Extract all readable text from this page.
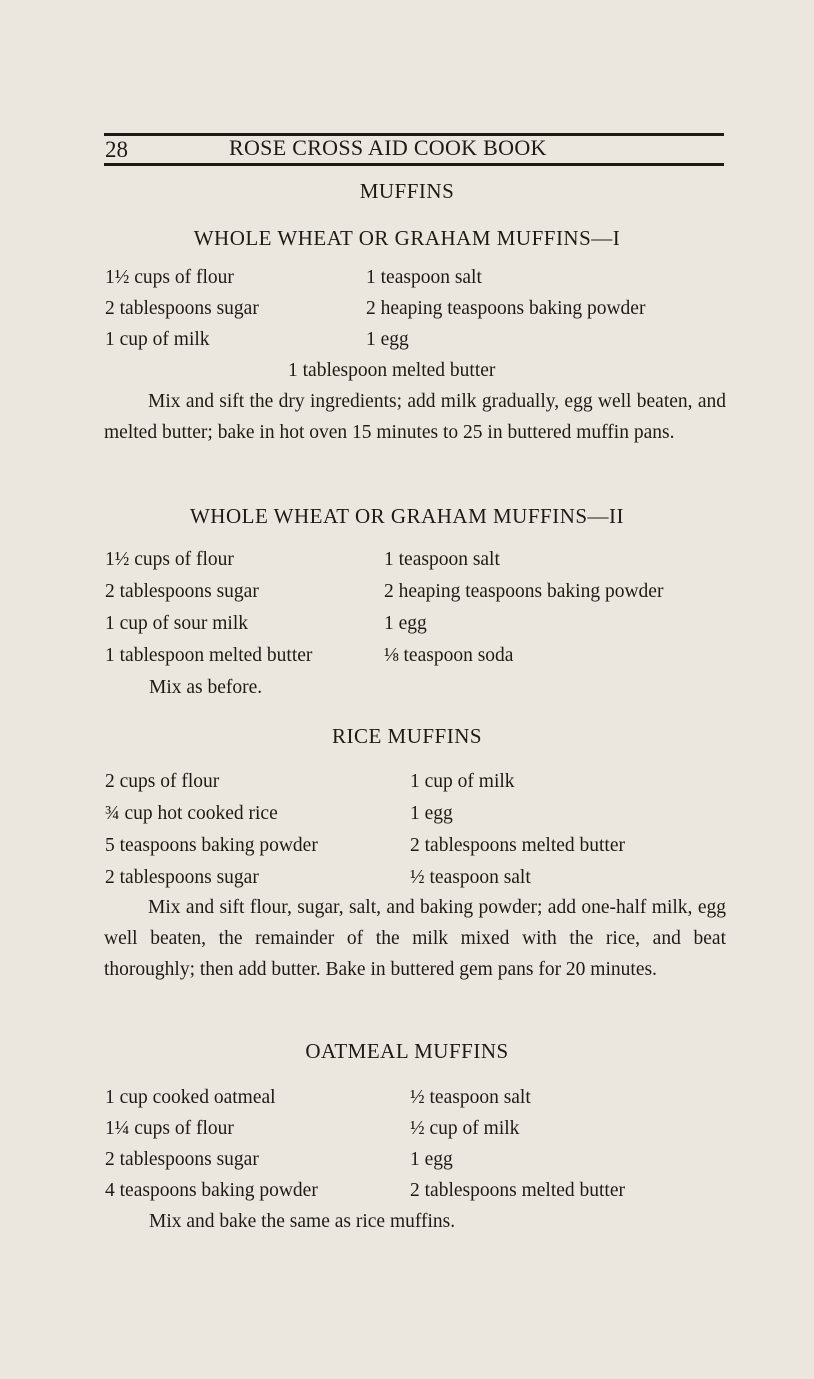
28	ROSE CROSS AID COOK BOOK
MUFFINS
WHOLE WHEAT OR GRAHAM MUFFINS—I
1½ cups of flour
2 tablespoons sugar
1 cup of milk
1 teaspoon salt
2 heaping teaspoons baking powder
1 egg
1 tablespoon melted butter

Mix and sift the dry ingredients; add milk gradually, egg well beaten, and melted butter; bake in hot oven 15 minutes to 25 in buttered muffin pans.

WHOLE WHEAT OR GRAHAM MUFFINS—II
1½ cups of flour
2 tablespoons sugar
1 cup of sour milk
1 tablespoon melted butter
1 teaspoon salt
2 heaping teaspoons baking powder
1 egg
⅛ teaspoon soda
Mix as before.
RICE MUFFINS
2 cups of flour
¾ cup hot cooked rice
5 teaspoons baking powder
2 tablespoons sugar
1 cup of milk
1 egg
2 tablespoons melted butter
½ teaspoon salt

Mix and sift flour, sugar, salt, and baking powder; add one-half milk, egg well beaten, the remainder of the milk mixed with the rice, and beat thoroughly; then add butter. Bake in buttered gem pans for 20 minutes.

OATMEAL MUFFINS
1 cup cooked oatmeal
1¼ cups of flour
2 tablespoons sugar
4 teaspoons baking powder
½ teaspoon salt
½ cup of milk
1 egg
2 tablespoons melted butter
Mix and bake the same as rice muffins.
